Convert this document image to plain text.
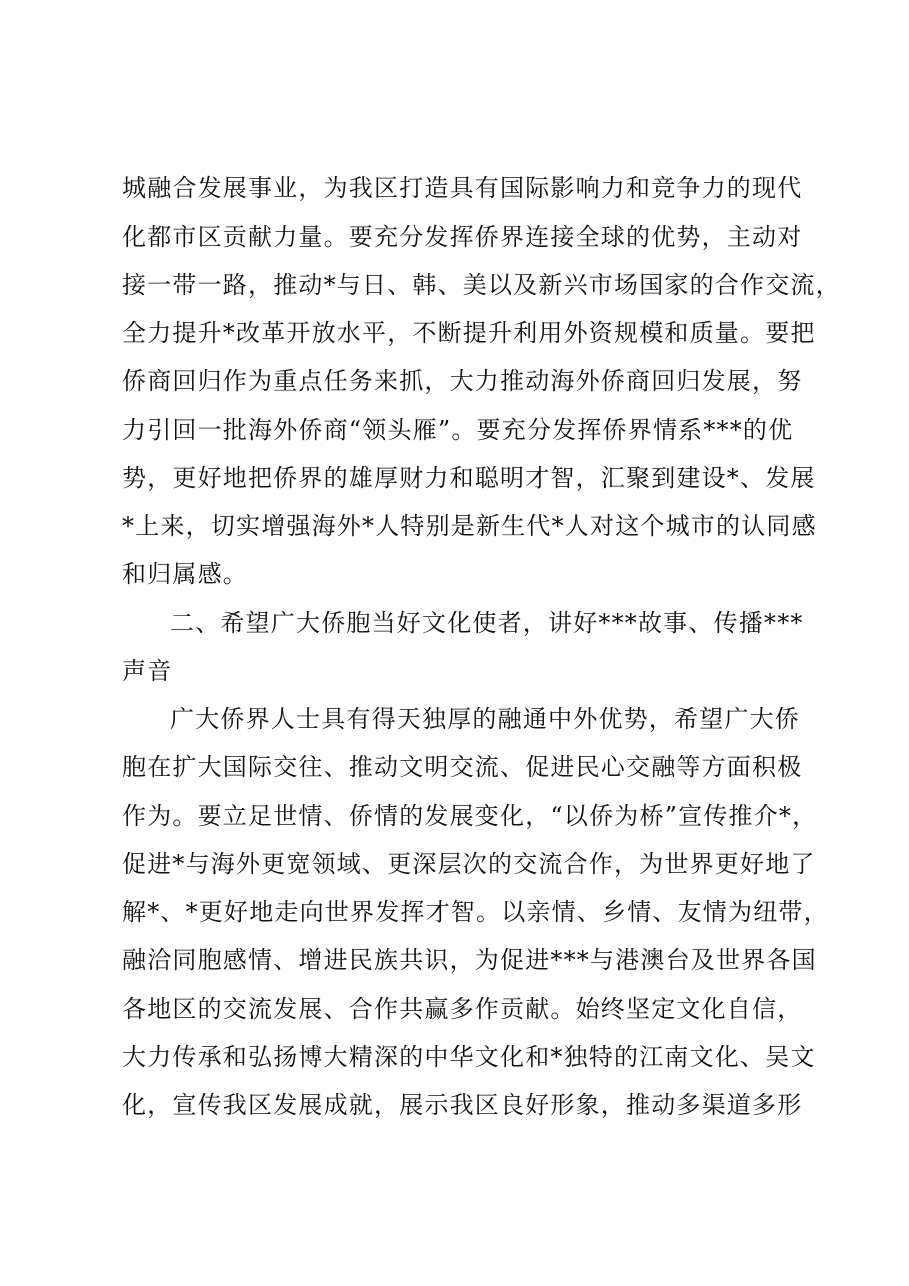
城融合发展事业，为我区打造具有国际影响力和竞争力的现代
化都市区贡献力量。要充分发挥侨界连接全球的优势，主动对
接一带一路，推动*与日、韩、美以及新兴市场国家的合作交流，
全力提升*改革开放水平，不断提升利用外资规模和质量。要把
侨商回归作为重点任务来抓，大力推动海外侨商回归发展，努
力引回一批海外侨商“领头雁”。要充分发挥侨界情系***的优
势，更好地把侨界的雄厚财力和聪明才智，汇聚到建设*、发展
*上来，切实增强海外*人特别是新生代*人对这个城市的认同感
和归属感。
二、希望广大侨胞当好文化使者，讲好***故事、传播***
声音
广大侨界人士具有得天独厚的融通中外优势，希望广大侨
胞在扩大国际交往、推动文明交流、促进民心交融等方面积极
作为。要立足世情、侨情的发展变化，“以侨为桥”宣传推介*，
促进*与海外更宽领域、更深层次的交流合作，为世界更好地了
解*、*更好地走向世界发挥才智。以亲情、乡情、友情为纽带，
融洽同胞感情、增进民族共识，为促进***与港澳台及世界各国
各地区的交流发展、合作共赢多作贡献。始终坚定文化自信，
大力传承和弘扬博大精深的中华文化和*独特的江南文化、吴文
化，宣传我区发展成就，展示我区良好形象，推动多渠道多形
